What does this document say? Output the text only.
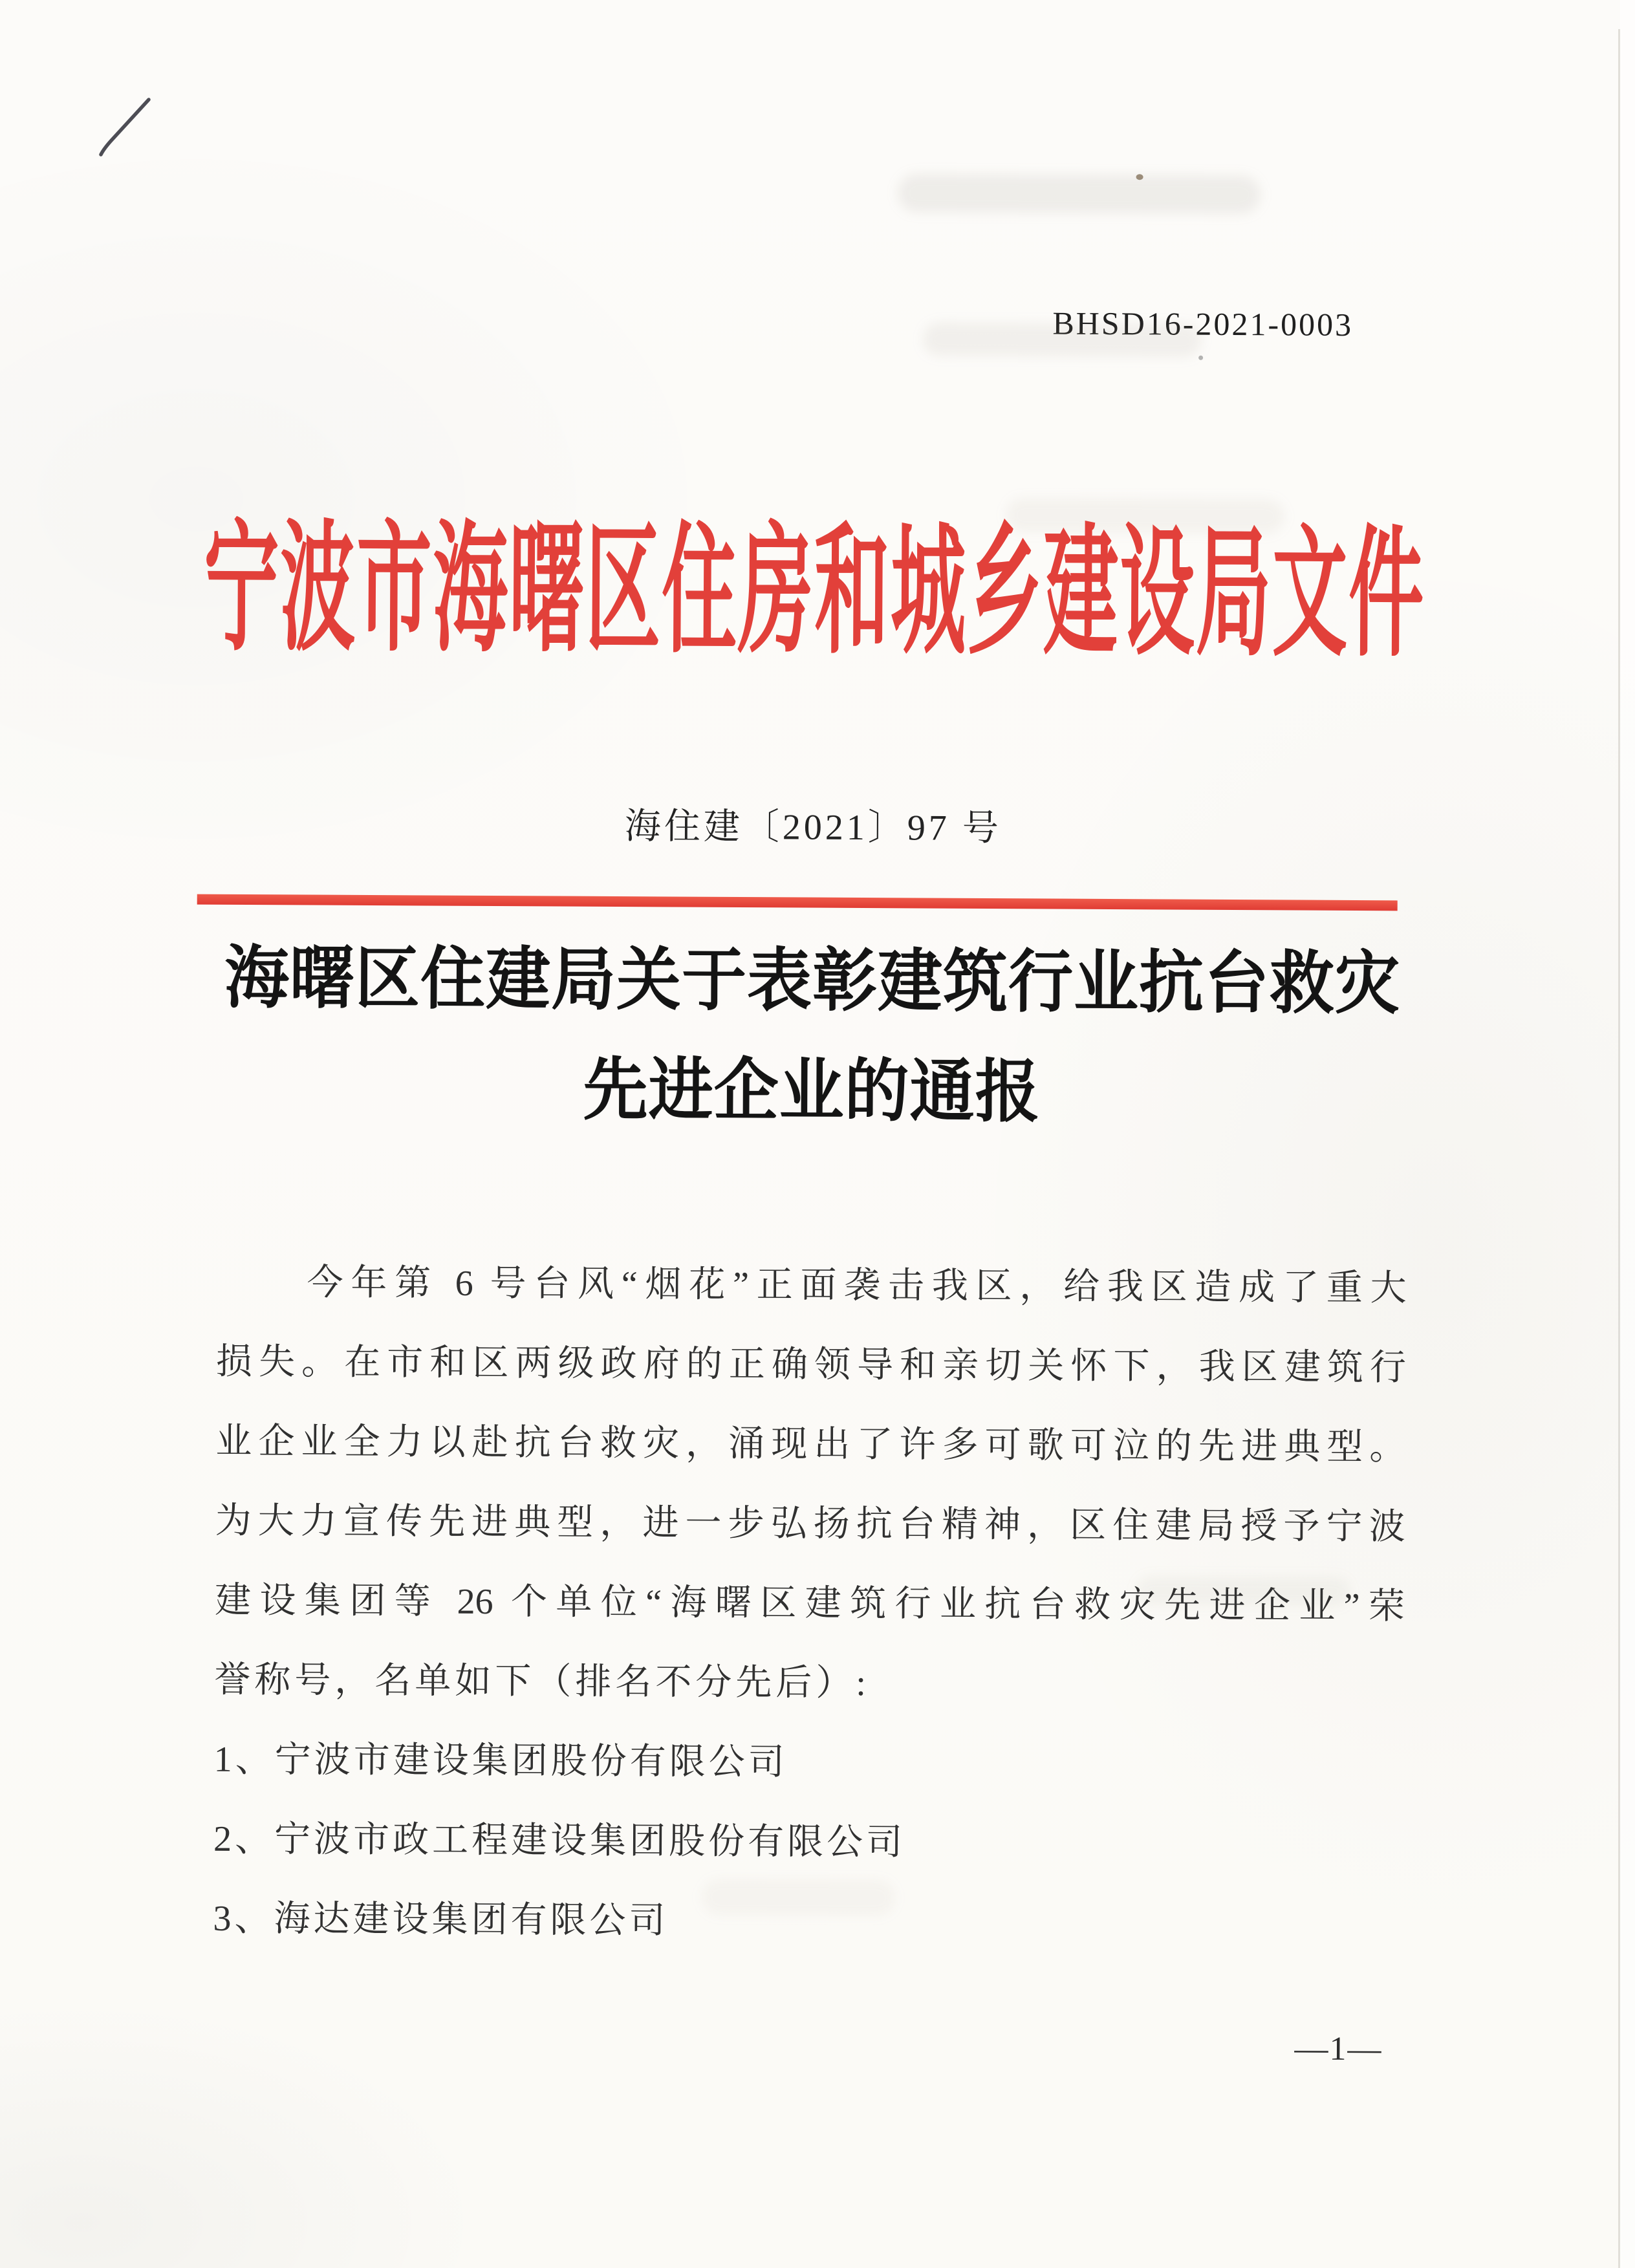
BHSD16-2021-0003
宁波市海曙区住房和城乡建设局文件
海住建〔2021〕97 号
海曙区住建局关于表彰建筑行业抗台救灾
先进企业的通报

今年第 6 号台风“烟花”正面袭击我区，给我区造成了重大

损失。在市和区两级政府的正确领导和亲切关怀下，我区建筑行

业企业全力以赴抗台救灾，涌现出了许多可歌可泣的先进典型。

为大力宣传先进典型，进一步弘扬抗台精神，区住建局授予宁波

建设集团等 26 个单位“海曙区建筑行业抗台救灾先进企业”荣

誉称号，名单如下（排名不分先后）:

1、宁波市建设集团股份有限公司

2、宁波市政工程建设集团股份有限公司

3、海达建设集团有限公司

—1—
